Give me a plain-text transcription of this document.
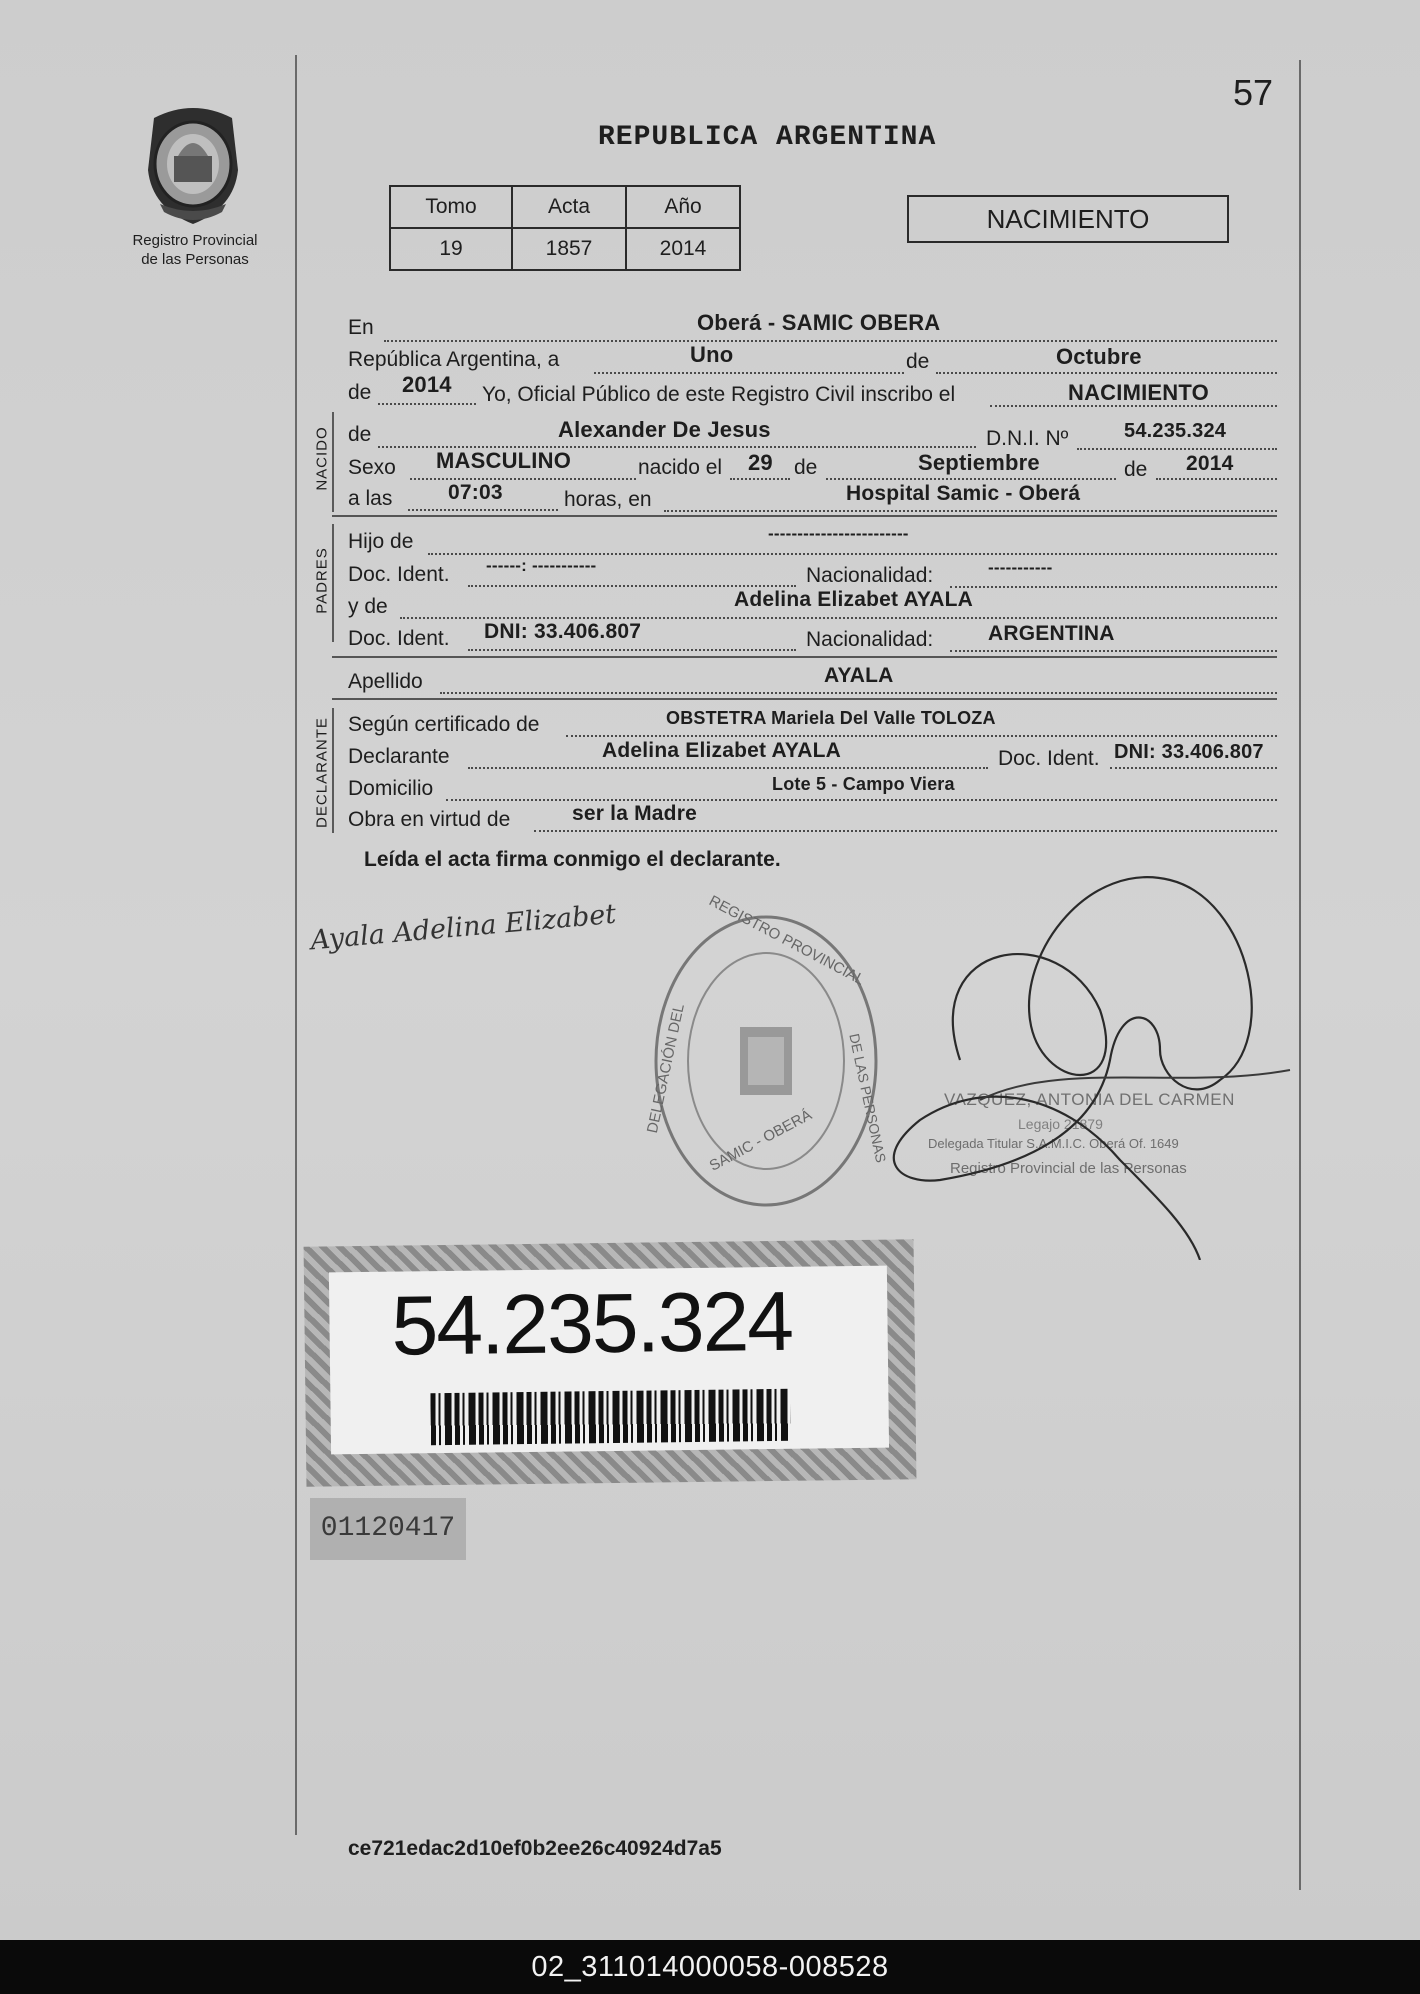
57
Registro Provincial
de las Personas
REPUBLICA ARGENTINA
Tomo	Acta	Año
19	1857	2014
NACIMIENTO
En	Oberá - SAMIC OBERA
República Argentina, a	Uno	de	Octubre
de 2014 Yo, Oficial Público de este Registro Civil inscribo el	NACIMIENTO
NACIDO de	Alexander De Jesus	D.N.I. Nº	54.235.324
Sexo MASCULINO	nacido el 29 de	Septiembre	de 2014
a las	07:03	horas, en	Hospital Samic - Oberá
PADRES
Hijo de	------------------------
Doc. Ident. ------: -----------	Nacionalidad:	-----------
y de	Adelina Elizabet AYALA
Doc. Ident. DNI: 33.406.807	Nacionalidad:	ARGENTINA
Apellido	AYALA
DECLARANTE Según certificado de	OBSTETRA Mariela Del Valle TOLOZA
Declarante	Adelina Elizabet AYALA	Doc. Ident. DNI: 33.406.807
Domicilio	Lote 5 - Campo Viera
Obra en virtud de	ser la Madre
Leída el acta firma conmigo el declarante.
Ayala Adelina Elizabet	REGISTRO PROVINCIAL
DELEGACIÓN DEL	DE LAS PERSONAS
SAMIC - OBERÁ
VAZQUEZ, ANTONIA DEL CARMEN
Legajo 21879
Delegada Titular S.A.M.I.C. Oberá Of. 1649
Registro Provincial de las Personas
54.235.324
01120417
ce721edac2d10ef0b2ee26c40924d7a5
02_311014000058-008528
